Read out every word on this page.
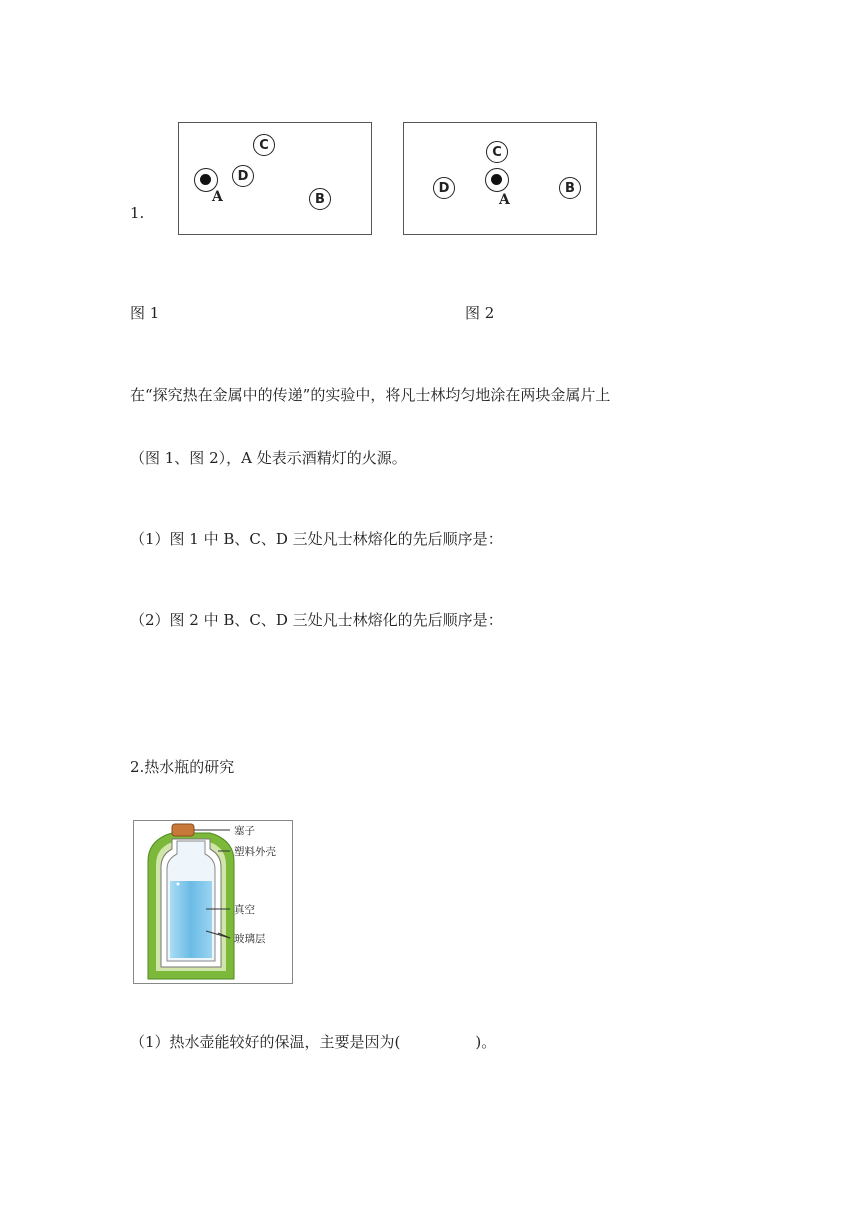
1.
A
C
D
B
C
A
D	B
图 1	图 2
在“探究热在金属中的传递”的实验中，将凡士林均匀地涂在两块金属片上
（图 1、图 2），A 处表示酒精灯的火源。
（1）图 1 中 B、C、D 三处凡士林熔化的先后顺序是：
（2）图 2 中 B、C、D 三处凡士林熔化的先后顺序是：
2.热水瓶的研究
塞子
塑料外壳
真空
玻璃层
（1）热水壶能较好的保温，主要是因为(　　　　　)。
